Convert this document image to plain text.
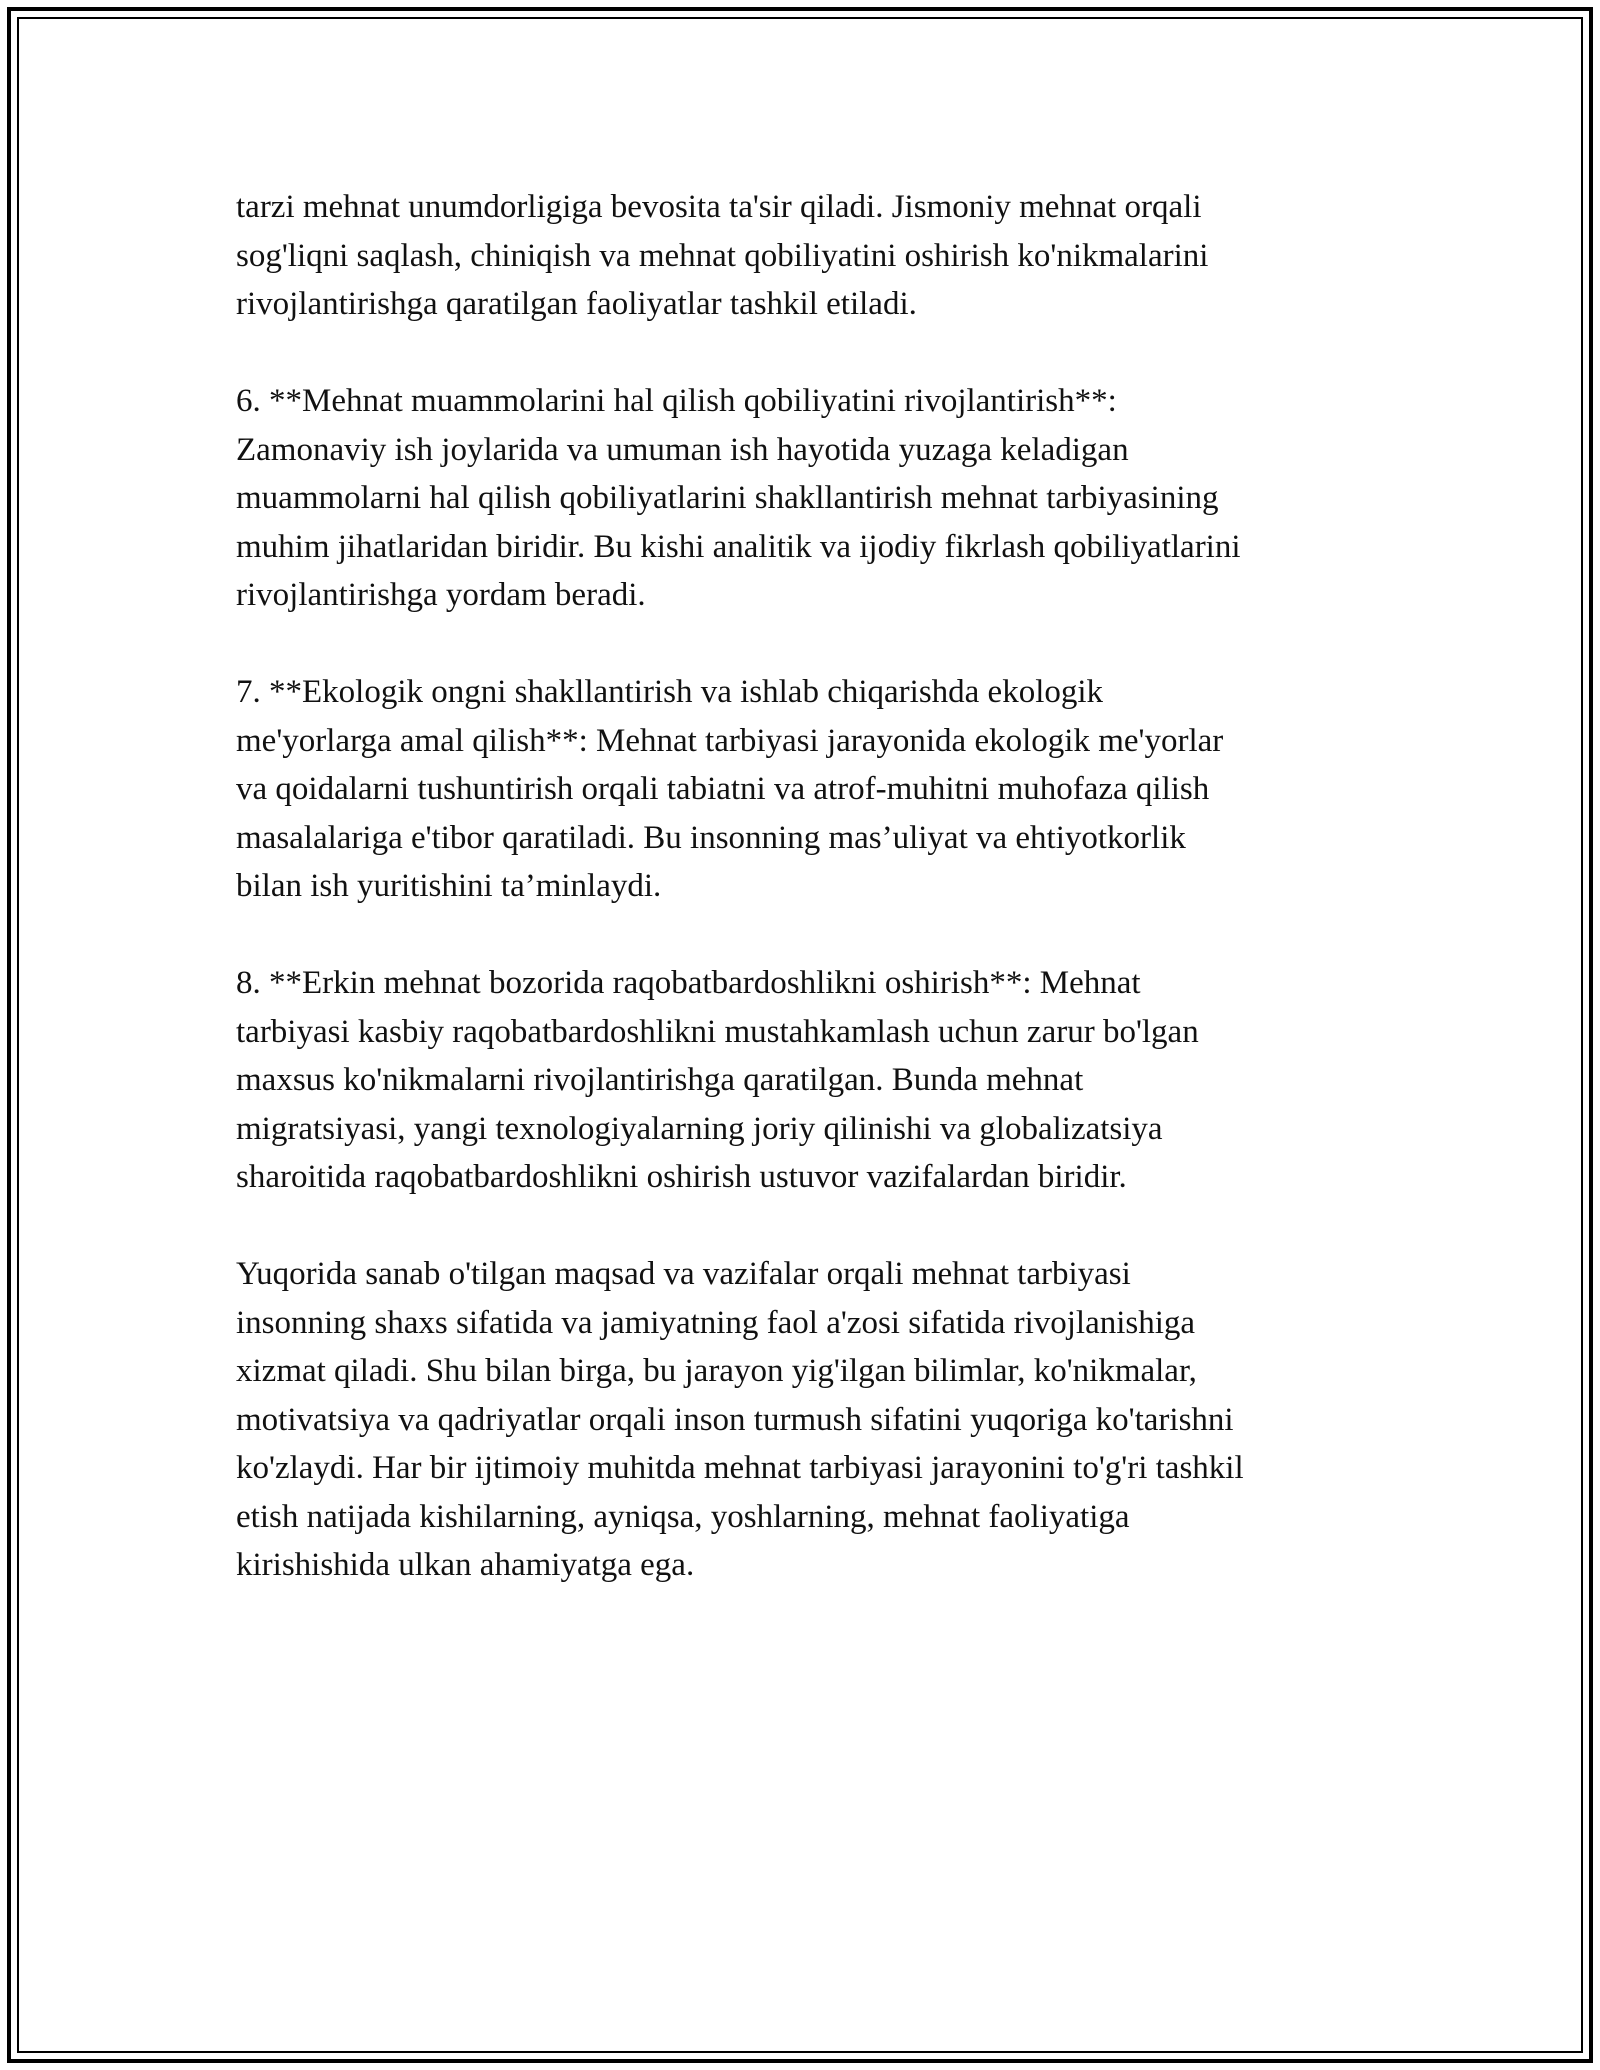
tarzi mehnat unumdorligiga bevosita ta'sir qiladi. Jismoniy mehnat orqali
sog'liqni saqlash, chiniqish va mehnat qobiliyatini oshirish ko'nikmalarini
rivojlantirishga qaratilgan faoliyatlar tashkil etiladi.

6. **Mehnat muammolarini hal qilish qobiliyatini rivojlantirish**:
Zamonaviy ish joylarida va umuman ish hayotida yuzaga keladigan
muammolarni hal qilish qobiliyatlarini shakllantirish mehnat tarbiyasining
muhim jihatlaridan biridir. Bu kishi analitik va ijodiy fikrlash qobiliyatlarini
rivojlantirishga yordam beradi.

7. **Ekologik ongni shakllantirish va ishlab chiqarishda ekologik
me'yorlarga amal qilish**: Mehnat tarbiyasi jarayonida ekologik me'yorlar
va qoidalarni tushuntirish orqali tabiatni va atrof-muhitni muhofaza qilish
masalalariga e'tibor qaratiladi. Bu insonning mas’uliyat va ehtiyotkorlik
bilan ish yuritishini ta’minlaydi.

8. **Erkin mehnat bozorida raqobatbardoshlikni oshirish**: Mehnat
tarbiyasi kasbiy raqobatbardoshlikni mustahkamlash uchun zarur bo'lgan
maxsus ko'nikmalarni rivojlantirishga qaratilgan. Bunda mehnat
migratsiyasi, yangi texnologiyalarning joriy qilinishi va globalizatsiya
sharoitida raqobatbardoshlikni oshirish ustuvor vazifalardan biridir.

Yuqorida sanab o'tilgan maqsad va vazifalar orqali mehnat tarbiyasi
insonning shaxs sifatida va jamiyatning faol a'zosi sifatida rivojlanishiga
xizmat qiladi. Shu bilan birga, bu jarayon yig'ilgan bilimlar, ko'nikmalar,
motivatsiya va qadriyatlar orqali inson turmush sifatini yuqoriga ko'tarishni
ko'zlaydi. Har bir ijtimoiy muhitda mehnat tarbiyasi jarayonini to'g'ri tashkil
etish natijada kishilarning, ayniqsa, yoshlarning, mehnat faoliyatiga
kirishishida ulkan ahamiyatga ega.
